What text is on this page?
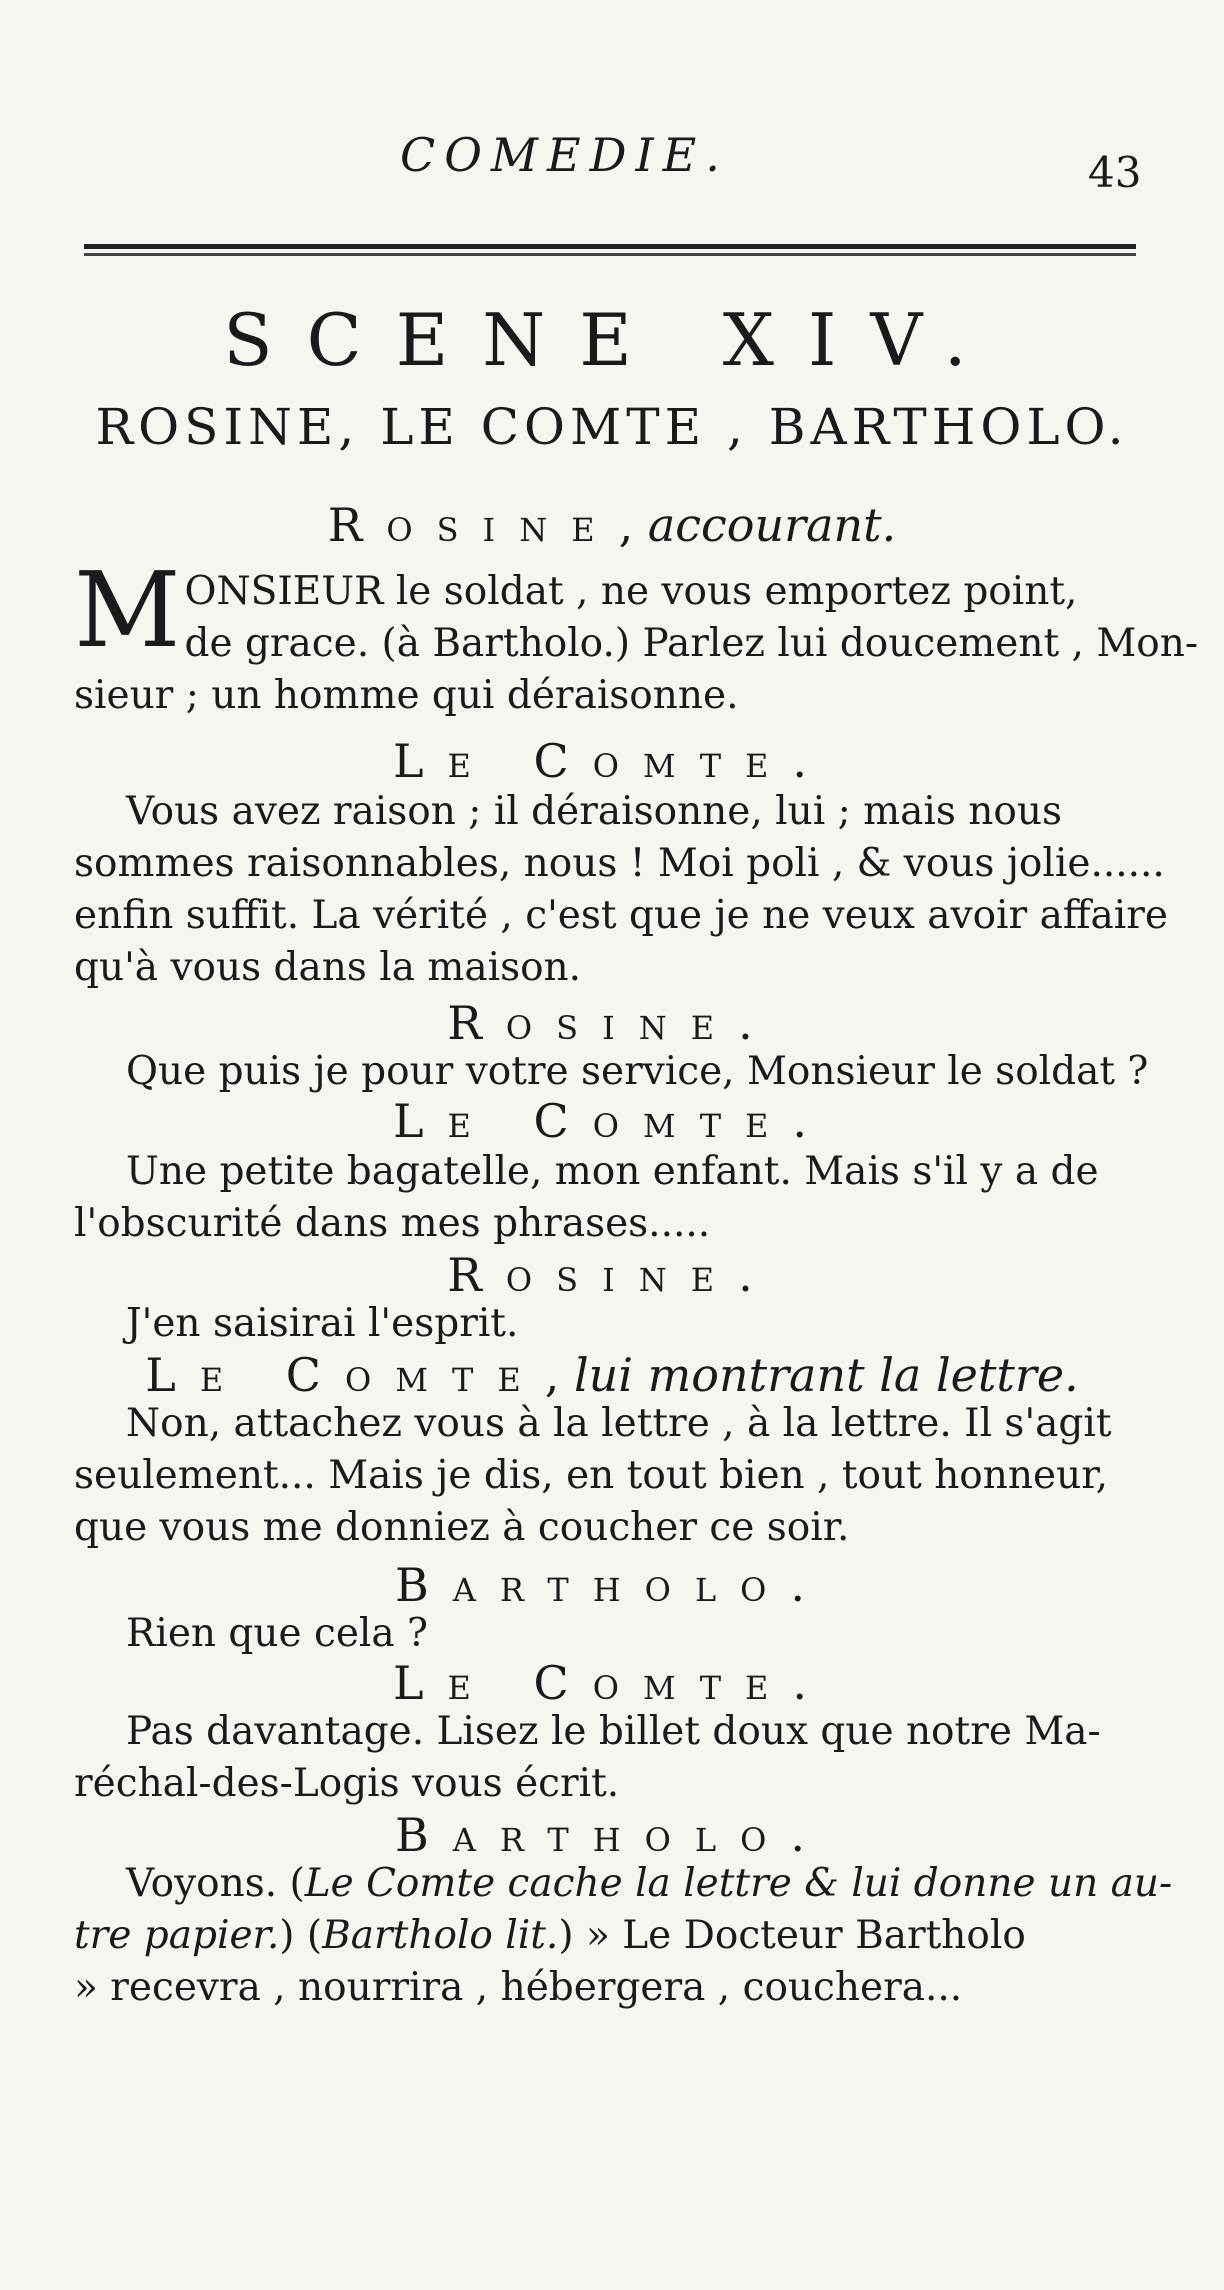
COMEDIE.	43
SCENE XIV.
ROSINE, LE COMTE , BARTHOLO.
Rosine, accourant.
M ONSIEUR le soldat , ne vous emportez point,
de grace. (à Bartholo.) Parlez lui doucement , Mon-
sieur ; un homme qui déraisonne.
Le Comte.
Vous avez raison ; il déraisonne, lui ; mais nous
sommes raisonnables, nous ! Moi poli , & vous jolie......
enfin suffit. La vérité , c'est que je ne veux avoir affaire
qu'à vous dans la maison.
Rosine.
Que puis je pour votre service, Monsieur le soldat ?
Le Comte.
Une petite bagatelle, mon enfant. Mais s'il y a de
l'obscurité dans mes phrases.....
Rosine.
J'en saisirai l'esprit.
Le Comte, lui montrant la lettre.
Non, attachez vous à la lettre , à la lettre. Il s'agit
seulement... Mais je dis, en tout bien , tout honneur,
que vous me donniez à coucher ce soir.
Bartholo.
Rien que cela ?
Le Comte.
Pas davantage. Lisez le billet doux que notre Ma-
réchal-des-Logis vous écrit.
Bartholo.
Voyons. (Le Comte cache la lettre & lui donne un au-
tre papier.) (Bartholo lit.) » Le Docteur Bartholo
» recevra , nourrira , hébergera , couchera...
